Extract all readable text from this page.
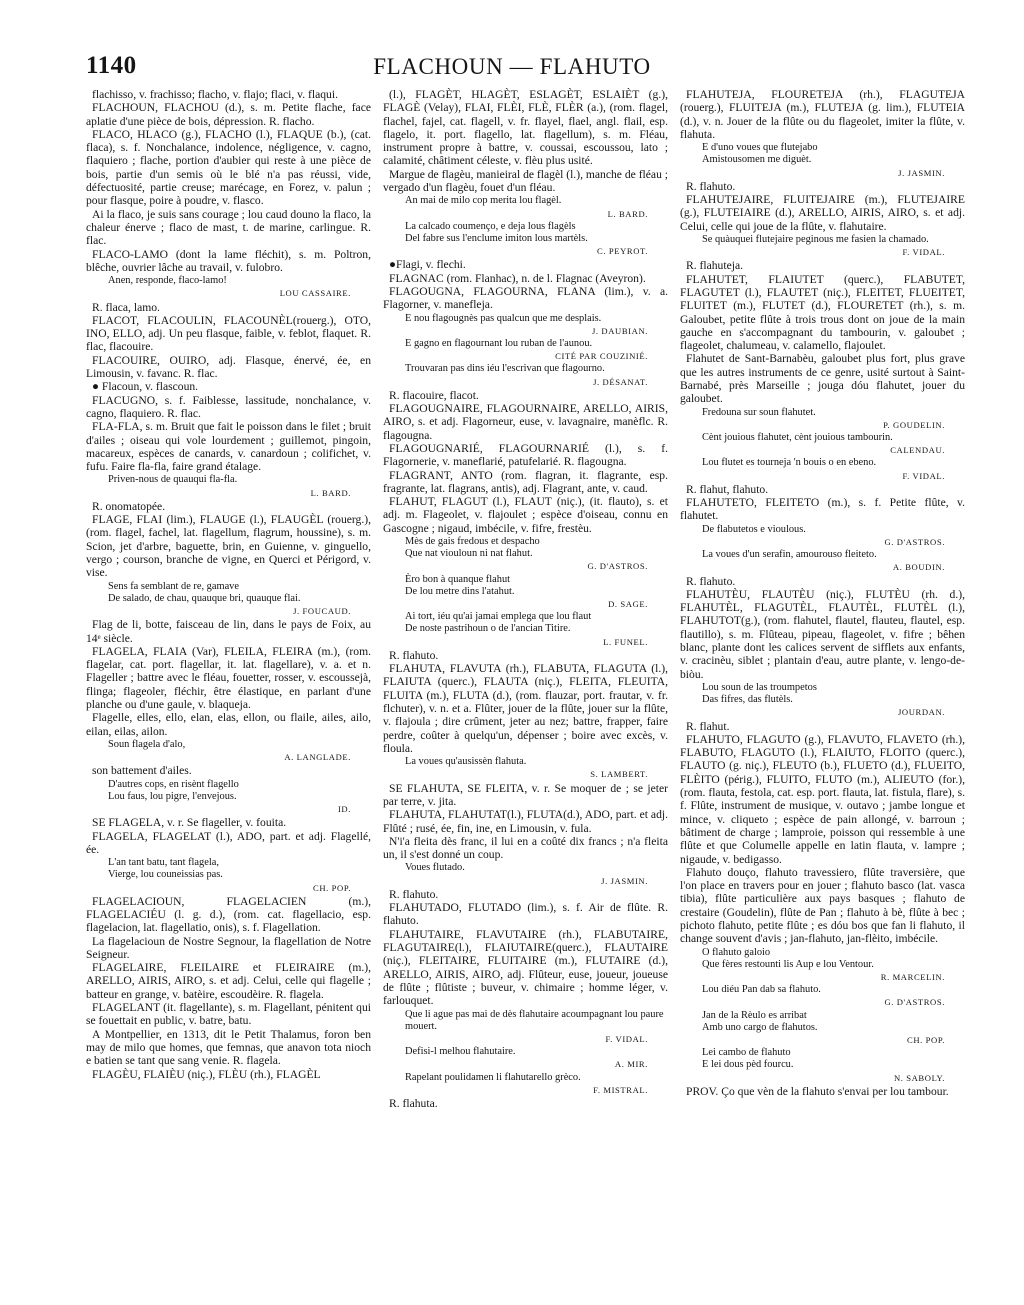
1140	FLACHOUN — FLAHUTO

flachisso, v. frachisso; flacho, v. flajo; flaci, v. flaqui.

FLACHOUN, FLACHOU (d.), s. m. Petite flache, face aplatie d'une pièce de bois, dépression. R. flacho.

FLACO, HLACO (g.), FLACHO (l.), FLAQUE (b.), (cat. flaca), s. f. Nonchalance, indolence, négligence, v. cagno, flaquiero ; flache, portion d'aubier qui reste à une pièce de bois, partie d'un semis où le blé n'a pas réussi, vide, défectuosité, partie creuse; marécage, en Forez, v. palun ; pour flasque, poire à poudre, v. flasco.

Ai la flaco, je suis sans courage ; lou caud douno la flaco, la chaleur énerve ; flaco de mast, t. de marine, carlingue. R. flac.

FLACO-LAMO (dont la lame fléchit), s. m. Poltron, blêche, ouvrier lâche au travail, v. fulobro.

Anen, responde, flaco-lamo!
LOU CASSAIRE.

R. flaca, lamo.

FLACOT, FLACOULIN, FLACOUNÈL(rouerg.), OTO, INO, ELLO, adj. Un peu flasque, faible, v. feblot, flaquet. R. flac, flacouire.

FLACOUIRE, OUIRO, adj. Flasque, énervé, ée, en Limousin, v. favanc. R. flac.

● Flacoun, v. flascoun.

FLACUGNO, s. f. Faiblesse, lassitude, nonchalance, v. cagno, flaquiero. R. flac.

FLA-FLA, s. m. Bruit que fait le poisson dans le filet ; bruit d'ailes ; oiseau qui vole lourdement ; guillemot, pingoin, macareux, espèces de canards, v. canardoun ; colifichet, v. fufu. Faire fla-fla, faire grand étalage.

Priven-nous de quauqui fla-fla.
L. BARD.

R. onomatopée.

FLAGE, FLAI (lim.), FLAUGE (l.), FLAUGÈL (rouerg.), (rom. flagel, fachel, lat. flagellum, flagrum, houssine), s. m. Scion, jet d'arbre, baguette, brin, en Guienne, v. ginguello, vergo ; courson, branche de vigne, en Querci et Périgord, v. vise.

Sens fa semblant de re, gamave
De salado, de chau, quauque bri, quauque flai.
J. FOUCAUD.

Flag de li, botte, faisceau de lin, dans le pays de Foix, au 14ᵉ siècle.

FLAGELA, FLAIA (Var), FLEILA, FLEIRA (m.), (rom. flagelar, cat. port. flagellar, it. lat. flagellare), v. a. et n. Flageller ; battre avec le fléau, fouetter, rosser, v. escoussejà, flinga; flageoler, fléchir, être élastique, en parlant d'une planche ou d'une gaule, v. blaqueja.

Flagelle, elles, ello, elan, elas, ellon, ou flaile, ailes, ailo, eilan, eilas, ailon.

Soun flagela d'alo,
A. LANGLADE.

son battement d'ailes.

D'autres cops, en risènt flagello
Lou faus, lou pigre, l'envejous.
ID.

SE FLAGELA, v. r. Se flageller, v. fouita.

FLAGELA, FLAGELAT (l.), ADO, part. et adj. Flagellé, ée.

L'an tant batu, tant flagela,
Vierge, lou couneissias pas.
CH. POP.

FLAGELACIOUN, FLAGELACIEN (m.), FLAGELACIÉU (l. g. d.), (rom. cat. flagellacio, esp. flagelacion, lat. flagellatio, onis), s. f. Flagellation.

La flagelacioun de Nostre Segnour, la flagellation de Notre Seigneur.

FLAGELAIRE, FLEILAIRE et FLEIRAIRE (m.), ARELLO, AIRIS, AIRO, s. et adj. Celui, celle qui flagelle ; batteur en grange, v. batèire, escoudèire. R. flagela.

FLAGELANT (it. flagellante), s. m. Flagellant, pénitent qui se fouettait en public, v. batre, batu.

A Montpellier, en 1313, dit le Petit Thalamus, foron ben may de milo que homes, que femnas, que anavon tota nioch e batien se tant que sang venie. R. flagela.

FLAGÈU, FLAIÈU (niç.), FLÈU (rh.), FLAGÈL

(l.), FLAGÈT, HLAGÈT, ESLAGÈT, ESLAIÈT (g.), FLAGÈ (Velay), FLAI, FLÈI, FLÈ, FLÈR (a.), (rom. flagel, flachel, fajel, cat. flagell, v. fr. flayel, flael, angl. flail, esp. flagelo, it. port. flagello, lat. flagellum), s. m. Fléau, instrument propre à battre, v. coussai, escoussou, lato ; calamité, châtiment céleste, v. flèu plus usité.

Margue de flagèu, manieiral de flagèl (l.), manche de fléau ; vergado d'un flagèu, fouet d'un fléau.

An mai de milo cop merita lou flagèl.
L. BARD.
La calcado coumenço, e deja lous flagèls
Del fabre sus l'enclume imiton lous martèls.
C. PEYROT.

●Flagi, v. flechi.

FLAGNAC (rom. Flanhac), n. de l. Flagnac (Aveyron).

FLAGOUGNA, FLAGOURNA, FLANA (lim.), v. a. Flagorner, v. manefleja.

E nou flagougnès pas qualcun que me desplais.
J. DAUBIAN.
E gagno en flagournant lou ruban de l'aunou.
CITÉ PAR COUZINIÉ.
Trouvaran pas dins iéu l'escrivan que flagourno.
J. DÉSANAT.

R. flacouire, flacot.

FLAGOUGNAIRE, FLAGOURNAIRE, ARELLO, AIRIS, AIRO, s. et adj. Flagorneur, euse, v. lavagnaire, manèflc. R. flagougna.

FLAGOUGNARIÉ, FLAGOURNARIÉ (l.), s. f. Flagornerie, v. maneflarié, patufelarié. R. flagougna.

FLAGRANT, ANTO (rom. flagran, it. flagrante, esp. fragrante, lat. flagrans, antis), adj. Flagrant, ante, v. caud.

FLAHUT, FLAGUT (l.), FLAUT (niç.), (it. flauto), s. et adj. m. Flageolet, v. flajoulet ; espèce d'oiseau, connu en Gascogne ; nigaud, imbécile, v. fifre, frestèu.

Mès de gais fredous et despacho
Que nat viouloun ni nat flahut.
G. D'ASTROS.
Èro bon à quanque flahut
De lou metre dins l'atahut.
D. SAGE.
Ai tort, iéu qu'ai jamai emplega que lou flaut
De noste pastrihoun o de l'ancian Titire.
L. FUNEL.

R. flahuto.

FLAHUTA, FLAVUTA (rh.), FLABUTA, FLAGUTA (l.), FLAIUTA (querc.), FLAUTA (niç.), FLEITA, FLEUITA, FLUITA (m.), FLUTA (d.), (rom. flauzar, port. frautar, v. fr. flchuter), v. n. et a. Flûter, jouer de la flûte, jouer sur la flûte, v. flajoula ; dire crûment, jeter au nez; battre, frapper, faire perdre, coûter à quelqu'un, dépenser ; boire avec excès, v. floula.

La voues qu'ausissèn flahuta.
S. LAMBERT.

SE FLAHUTA, SE FLEITA, v. r. Se moquer de ; se jeter par terre, v. jita.

FLAHUTA, FLAHUTAT(l.), FLUTA(d.), ADO, part. et adj. Flûté ; rusé, ée, fin, ine, en Limousin, v. fula.

N'i'a fleita dès franc, il lui en a coûté dix francs ; n'a fleita un, il s'est donné un coup.

Voues flutado.
J. JASMIN.

R. flahuto.

FLAHUTADO, FLUTADO (lim.), s. f. Air de flûte. R. flahuto.

FLAHUTAIRE, FLAVUTAIRE (rh.), FLABUTAIRE, FLAGUTAIRE(l.), FLAIUTAIRE(querc.), FLAUTAIRE (niç.), FLEITAIRE, FLUITAIRE (m.), FLUTAIRE (d.), ARELLO, AIRIS, AIRO, adj. Flûteur, euse, joueur, joueuse de flûte ; flûtiste ; buveur, v. chimaire ; homme léger, v. farlouquet.

Que li ague pas mai de dès flahutaire acoumpagnant lou paure mouert.
F. VIDAL.
Defisi-l melhou flahutaire.
A. MIR.
Rapelant poulidamen li flahutarello grèco.
F. MISTRAL.

R. flahuta.

FLAHUTEJA, FLOURETEJA (rh.), FLAGUTEJA (rouerg.), FLUITEJA (m.), FLUTEJA (g. lim.), FLUTEIA (d.), v. n. Jouer de la flûte ou du flageolet, imiter la flûte, v. flahuta.

E d'uno voues que flutejabo
Amistousomen me diguèt.
J. JASMIN.

R. flahuto.

FLAHUTEJAIRE, FLUITEJAIRE (m.), FLUTEJAIRE (g.), FLUTEIAIRE (d.), ARELLO, AIRIS, AIRO, s. et adj. Celui, celle qui joue de la flûte, v. flahutaire.

Se quàuquei flutejaire peginous me fasien la chamado.
F. VIDAL.

R. flahuteja.

FLAHUTET, FLAIUTET (querc.), FLABUTET, FLAGUTET (l.), FLAUTET (niç.), FLEITET, FLUEITET, FLUITET (m.), FLUTET (d.), FLOURETET (rh.), s. m. Galoubet, petite flûte à trois trous dont on joue de la main gauche en s'accompagnant du tambourin, v. galoubet ; flageolet, chalumeau, v. calamello, flajoulet.

Flahutet de Sant-Barnabèu, galoubet plus fort, plus grave que les autres instruments de ce genre, usité surtout à Saint-Barnabé, près Marseille ; jouga dóu flahutet, jouer du galoubet.

Fredouna sur soun flahutet.
P. GOUDELIN.
Cènt jouious flahutet, cènt jouious tambourin.
CALENDAU.
Lou flutet es tourneja 'n bouis o en ebeno.
F. VIDAL.

R. flahut, flahuto.

FLAHUTETO, FLEITETO (m.), s. f. Petite flûte, v. flahutet.

De flabutetos e vioulous.
G. D'ASTROS.
La voues d'un serafin, amourouso fleiteto.
A. BOUDIN.

R. flahuto.

FLAHUTÈU, FLAUTÈU (niç.), FLUTÈU (rh. d.), FLAHUTÈL, FLAGUTÈL, FLAUTÈL, FLUTÈL (l.), FLAHUTOT(g.), (rom. flahutel, flautel, flauteu, flautel, esp. flautillo), s. m. Flûteau, pipeau, flageolet, v. fifre ; bêhen blanc, plante dont les calices servent de sifflets aux enfants, v. cracinèu, siblet ; plantain d'eau, autre plante, v. lengo-de-biòu.

Lou soun de las troumpetos
Das fifres, das flutèls.
JOURDAN.

R. flahut.

FLAHUTO, FLAGUTO (g.), FLAVUTO, FLAVETO (rh.), FLABUTO, FLAGUTO (l.), FLAIUTO, FLOITO (querc.), FLAUTO (g. niç.), FLEUTO (b.), FLUETO (d.), FLUEITO, FLÈITO (périg.), FLUITO, FLUTO (m.), ALIEUTO (for.), (rom. flauta, festola, cat. esp. port. flauta, lat. fistula, flare), s. f. Flûte, instrument de musique, v. outavo ; jambe longue et mince, v. cliqueto ; espèce de pain allongé, v. barroun ; bâtiment de charge ; lamproie, poisson qui ressemble à une flûte et que Columelle appelle en latin flauta, v. lampre ; nigaude, v. bedigasso.

Flahuto douço, flahuto travessiero, flûte traversière, que l'on place en travers pour en jouer ; flahuto basco (lat. vasca tibia), flûte particulière aux pays basques ; flahuto de crestaire (Goudelin), flûte de Pan ; flahuto à bè, flûte à bec ; pichoto flahuto, petite flûte ; es dóu bos que fan li flahuto, il change souvent d'avis ; jan-flahuto, jan-flèito, imbécile.

O flahuto galoio
Que fères restounti lis Aup e lou Ventour.
R. MARCELIN.
Lou diéu Pan dab sa flahuto.
G. D'ASTROS.
Jan de la Rèulo es arribat
Amb uno cargo de flahutos.
CH. POP.
Lei cambo de flahuto
E lei dous pèd fourcu.
N. SABOLY.

PROV. Ço que vèn de la flahuto s'envai per lou tambour.
